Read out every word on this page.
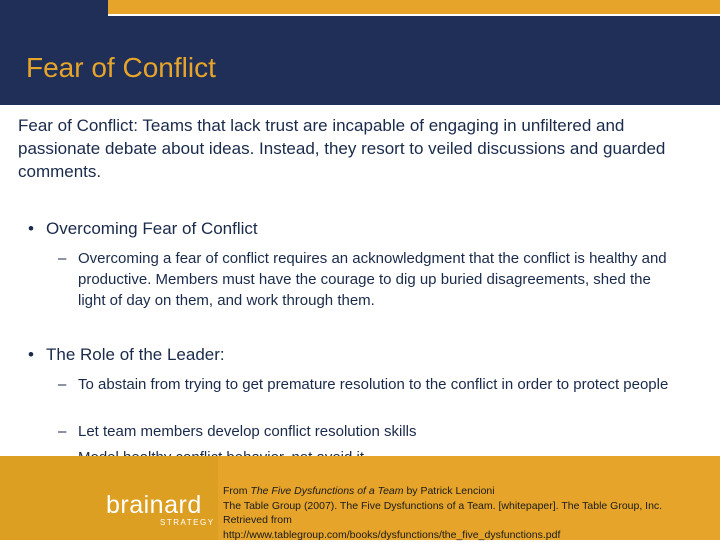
Fear of Conflict
Fear of Conflict: Teams that lack trust are incapable of engaging in unfiltered and passionate debate about ideas. Instead, they resort to veiled discussions and guarded comments.
• Overcoming Fear of Conflict
– Overcoming a fear of conflict requires an acknowledgment that the conflict is healthy and productive. Members must have the courage to dig up buried disagreements, shed the light of day on them, and work through them.
• The Role of the Leader:
– To abstain from trying to get premature resolution to the conflict in order to protect people
– Let team members develop conflict resolution skills
brainard
STRATEGY
From The Five Dysfunctions of a Team by Patrick Lencioni
The Table Group (2007). The Five Dysfunctions of a Team. [whitepaper]. The Table Group, Inc. Retrieved from
http://www.tablegroup.com/books/dysfunctions/the_five_dysfunctions.pdf
